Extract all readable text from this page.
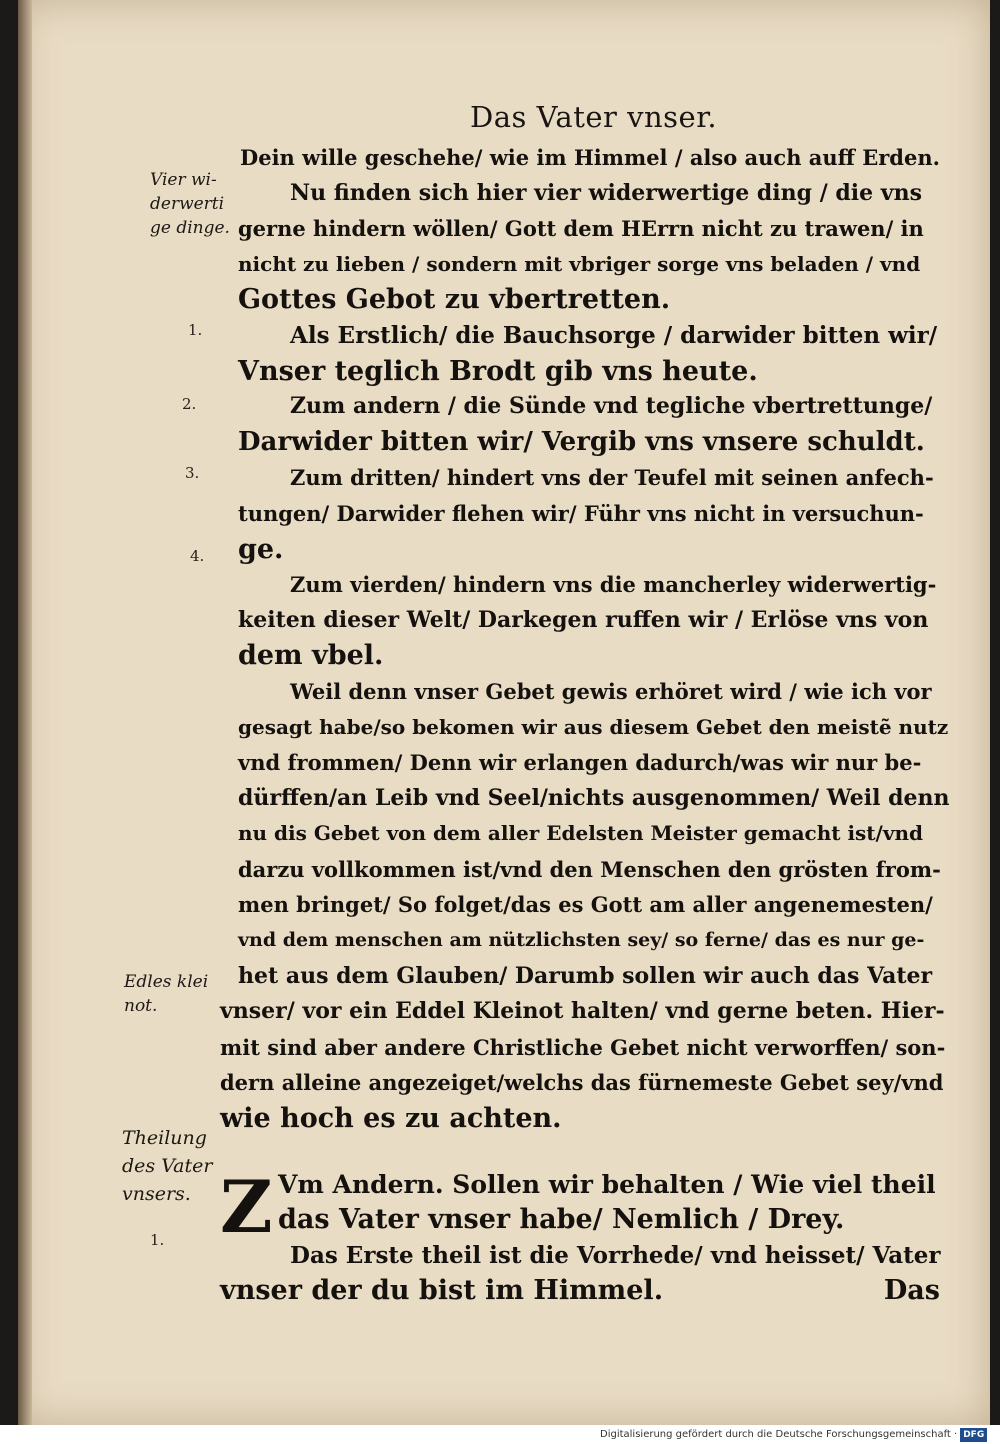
Das Vater vnser.
Vier wi-
derwerti
ge dinge.
1.
2.
3.
4.
Edles klei
not.
Theilung
des Vater
vnsers.
1.
Dein wille geschehe/ wie im Himmel / also auch auff Erden.
Nu finden sich hier vier widerwertige ding / die vns
gerne hindern wöllen/ Gott dem HErrn nicht zu trawen/ in
nicht zu lieben / sondern mit vbriger sorge vns beladen / vnd
Gottes Gebot zu vbertretten.
Als Erstlich/ die Bauchsorge / darwider bitten wir/
Vnser teglich Brodt gib vns heute.
Zum andern / die Sünde vnd tegliche vbertrettunge/
Darwider bitten wir/ Vergib vns vnsere schuldt.
Zum dritten/ hindert vns der Teufel mit seinen anfech-
tungen/ Darwider flehen wir/ Führ vns nicht in versuchun-
ge.
Zum vierden/ hindern vns die mancherley widerwertig-
keiten dieser Welt/ Darkegen ruffen wir / Erlöse vns von
dem vbel.
Weil denn vnser Gebet gewis erhöret wird / wie ich vor
gesagt habe/so bekomen wir aus diesem Gebet den meistẽ nutz
vnd frommen/ Denn wir erlangen dadurch/was wir nur be-
dürffen/an Leib vnd Seel/nichts ausgenommen/ Weil denn
nu dis Gebet von dem aller Edelsten Meister gemacht ist/vnd
darzu vollkommen ist/vnd den Menschen den grösten from-
men bringet/ So folget/das es Gott am aller angenemesten/
vnd dem menschen am nützlichsten sey/ so ferne/ das es nur ge-
het aus dem Glauben/ Darumb sollen wir auch das Vater
vnser/ vor ein Eddel Kleinot halten/ vnd gerne beten. Hier-
mit sind aber andere Christliche Gebet nicht verworffen/ son-
dern alleine angezeiget/welchs das fürnemeste Gebet sey/vnd
wie hoch es zu achten.
Z Vm Andern. Sollen wir behalten / Wie viel theil
das Vater vnser habe/ Nemlich / Drey.
Das Erste theil ist die Vorrhede/ vnd heisset/ Vater
vnser der du bist im Himmel.	Das
Digitalisierung gefördert durch die Deutsche Forschungsgemeinschaft · DFG
